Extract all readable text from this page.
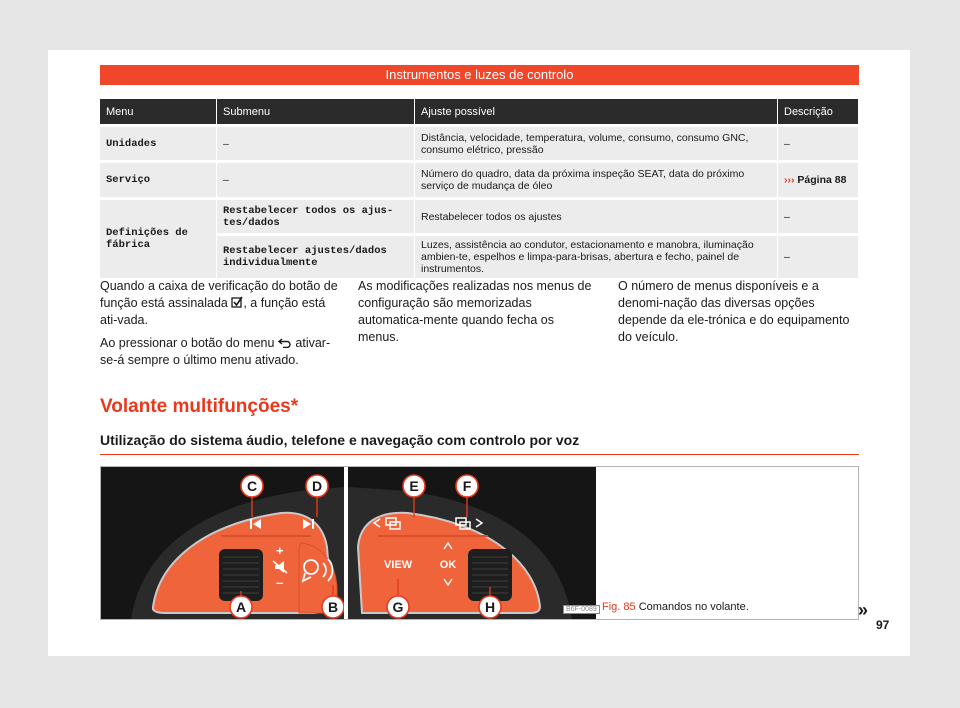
Instrumentos e luzes de controlo
Menu	Submenu	Ajuste possível	Descrição
Unidades	–	Distância, velocidade, temperatura, volume, consumo, consumo GNC, consumo elétrico, pressão	–
Serviço	–	Número do quadro, data da próxima inspeção SEAT, data do próximo serviço de mudança de óleo	››› Página 88
Definições de fábrica	Restabelecer todos os ajus-tes/dados	Restabelecer todos os ajustes	–
	Restabelecer ajustes/dados individualmente	Luzes, assistência ao condutor, estacionamento e manobra, iluminação ambien-te, espelhos e limpa-para-brisas, abertura e fecho, painel de instrumentos.	–

Quando a caixa de verificação do botão de função está assinalada , a função está ati-vada.

Ao pressionar o botão do menu ativar-se-á sempre o último menu ativado.

As modificações realizadas nos menus de configuração são memorizadas automatica-mente quando fecha os menus.

O número de menus disponíveis e a denomi-nação das diversas opções depende da ele-trónica e do equipamento do veículo.

Volante multifunções*
Utilização do sistema áudio, telefone e navegação com controlo por voz
+
–
C	D
A	B
VIEW	OK
E	F
G	H	B6F-0089 Fig. 85 Comandos no volante.	»
97
